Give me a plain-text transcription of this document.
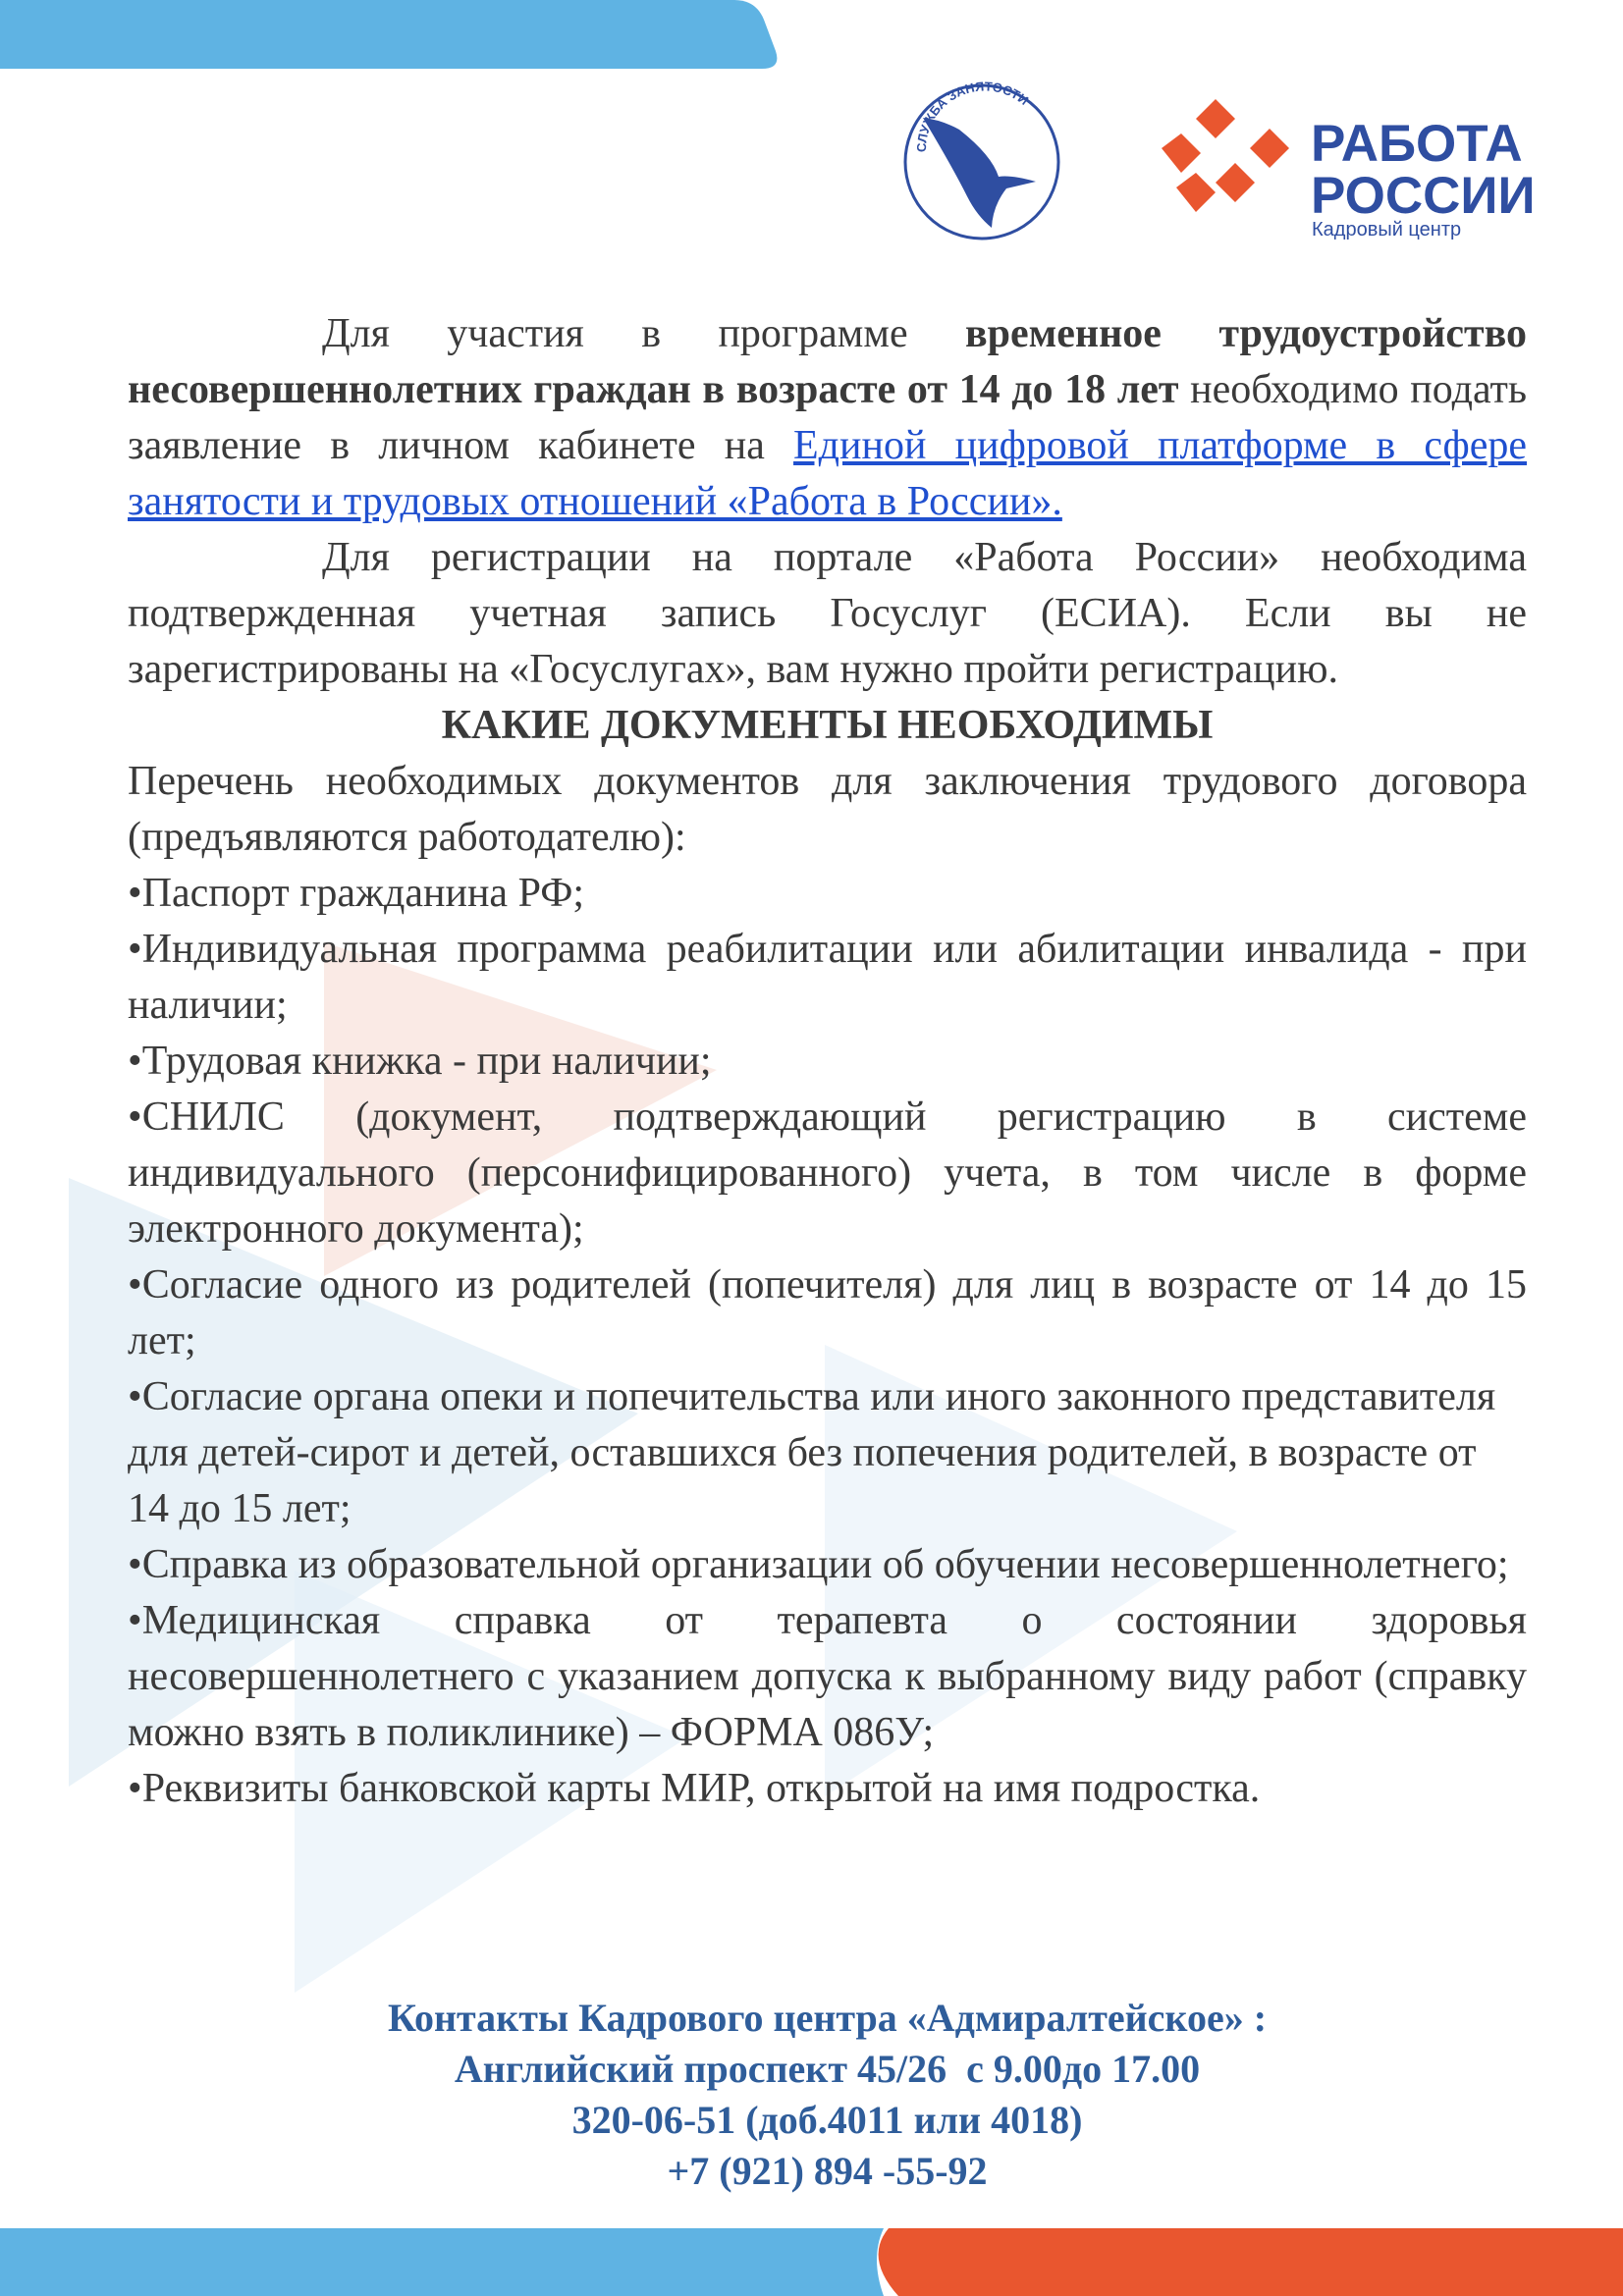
СЛУЖБА ЗАНЯТОСТИ
РАБОТА
РОССИИ
Кадровый центр

Для участия в программе временное трудоустройство несовершеннолетних граждан в возрасте от 14 до 18 лет необходимо подать заявление в личном кабинете на Единой цифровой платформе в сфере занятости и трудовых отношений «Работа в России».

Для регистрации на портале «Работа России» необходима подтвержденная учетная запись Госуслуг (ЕСИА). Если вы не зарегистрированы на «Госуслугах», вам нужно пройти регистрацию.

КАКИЕ ДОКУМЕНТЫ НЕОБХОДИМЫ

Перечень необходимых документов для заключения трудового договора (предъявляются работодателю):

•Паспорт гражданина РФ;

•Индивидуальная программа реабилитации или абилитации инвалида - при наличии;

•Трудовая книжка - при наличии;

•СНИЛС (документ, подтверждающий регистрацию в системе индивидуального (персонифицированного) учета, в том числе в форме электронного документа);

•Согласие одного из родителей (попечителя) для лиц в возрасте от 14 до 15 лет;

•Согласие органа опеки и попечительства или иного законного представителя для детей-сирот и детей, оставшихся без попечения родителей, в возрасте от 14 до 15 лет;

•Справка из образовательной организации об обучении несовершеннолетнего;

•Медицинская справка от терапевта о состоянии здоровья несовершеннолетнего с указанием допуска к выбранному виду работ (справку можно взять в поликлинике) – ФОРМА 086У;

•Реквизиты банковской карты МИР, открытой на имя подростка.

Контакты Кадрового центра «Адмиралтейское» :
Английский проспект 45/26  с 9.00до 17.00
320-06-51 (доб.4011 или 4018)
+7 (921) 894 -55-92
